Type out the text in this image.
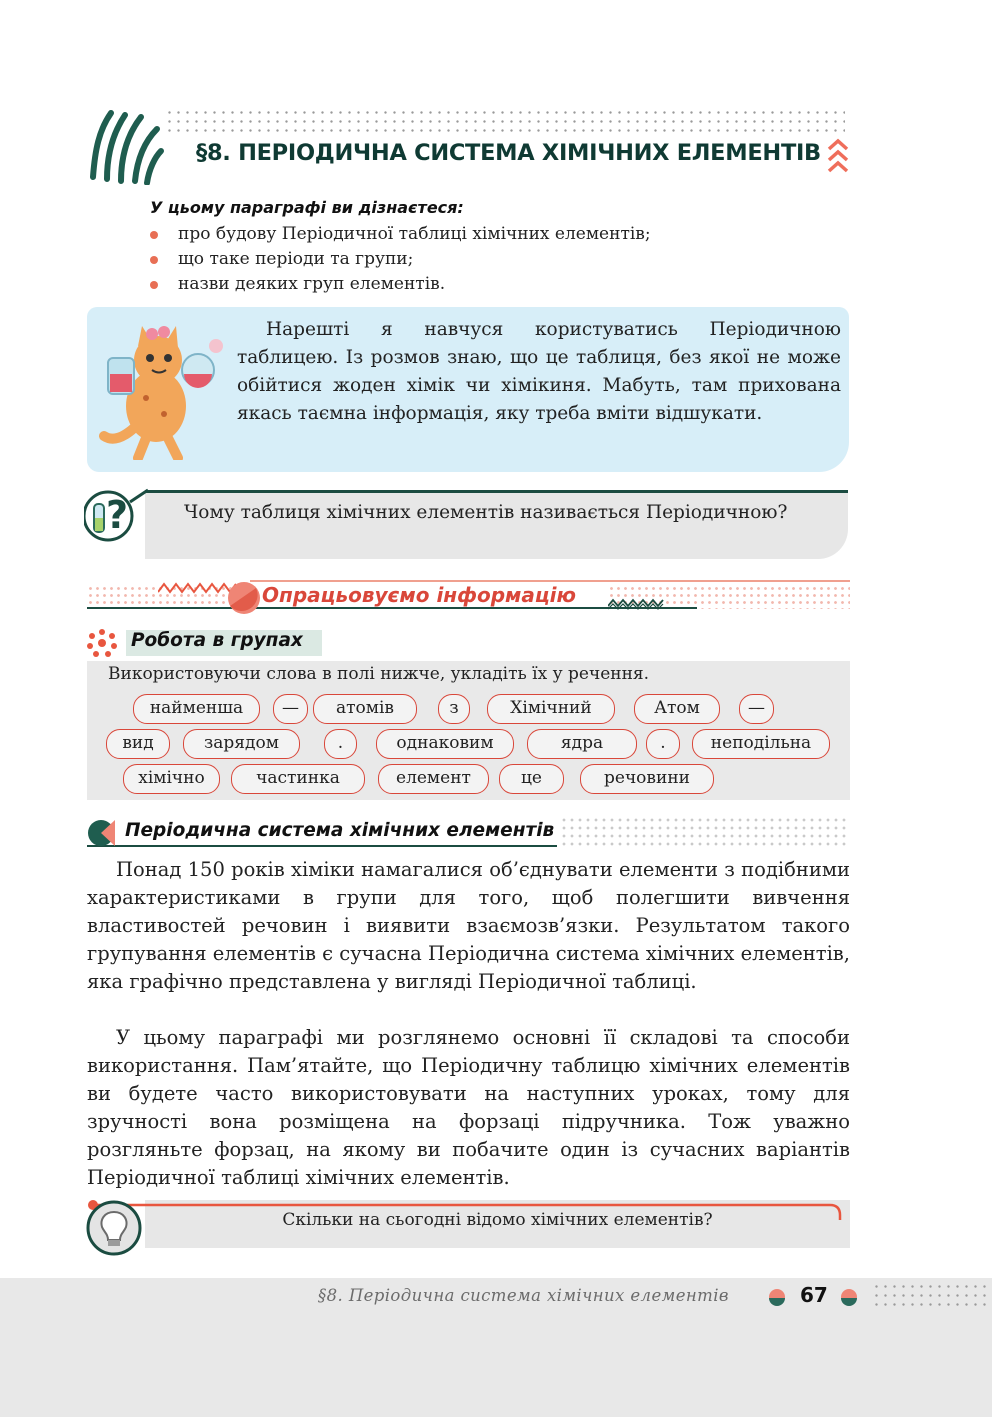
§8. ПЕРІОДИЧНА СИСТЕМА ХІМІЧНИХ ЕЛЕМЕНТІВ
У цьому параграфі ви дізнаєтеся:
про будову Періодичної таблиці хімічних елементів;
що таке періоди та групи;
назви деяких груп елементів.
Нарешті я навчуся користуватись Періодичною таблицею. Із розмов знаю, що це таблиця, без якої не може обійтися жоден хімік чи хімікиня. Мабуть, там прихована якась таємна інформація, яку треба вміти відшукати.
?	Чому таблиця хімічних елементів називається Періодичною?
Опрацьовуємо інформацію
Робота в групах
Використовуючи слова в полі нижче, укладіть їх у речення.
найменша	—	атомів	з	Хімічний	Атом	—
вид	зарядом	.	однаковим	ядра	.	неподільна
хімічно	частинка	елемент	це	речовини
Періодична система хімічних елементів
Понад 150 років хіміки намагалися об’єднувати елементи з подібними характеристиками в групи для того, щоб полегшити вивчення властивостей речовин і виявити взаємозв’язки. Результатом такого групування елементів є сучасна Періодична система хімічних елементів, яка графічно представлена у вигляді Періодичної таблиці.
У цьому параграфі ми розглянемо основні її складові та способи використання. Пам’ятайте, що Періодичну таблицю хімічних елементів ви будете часто використовувати на наступних уроках, тому для зручності вона розміщена на форзаці підручника. Тож уважно розгляньте форзац, на якому ви побачите один із сучасних варіантів Періодичної таблиці хімічних елементів.
Скільки на сьогодні відомо хімічних елементів?
§8. Періодична система хімічних елементів	67
